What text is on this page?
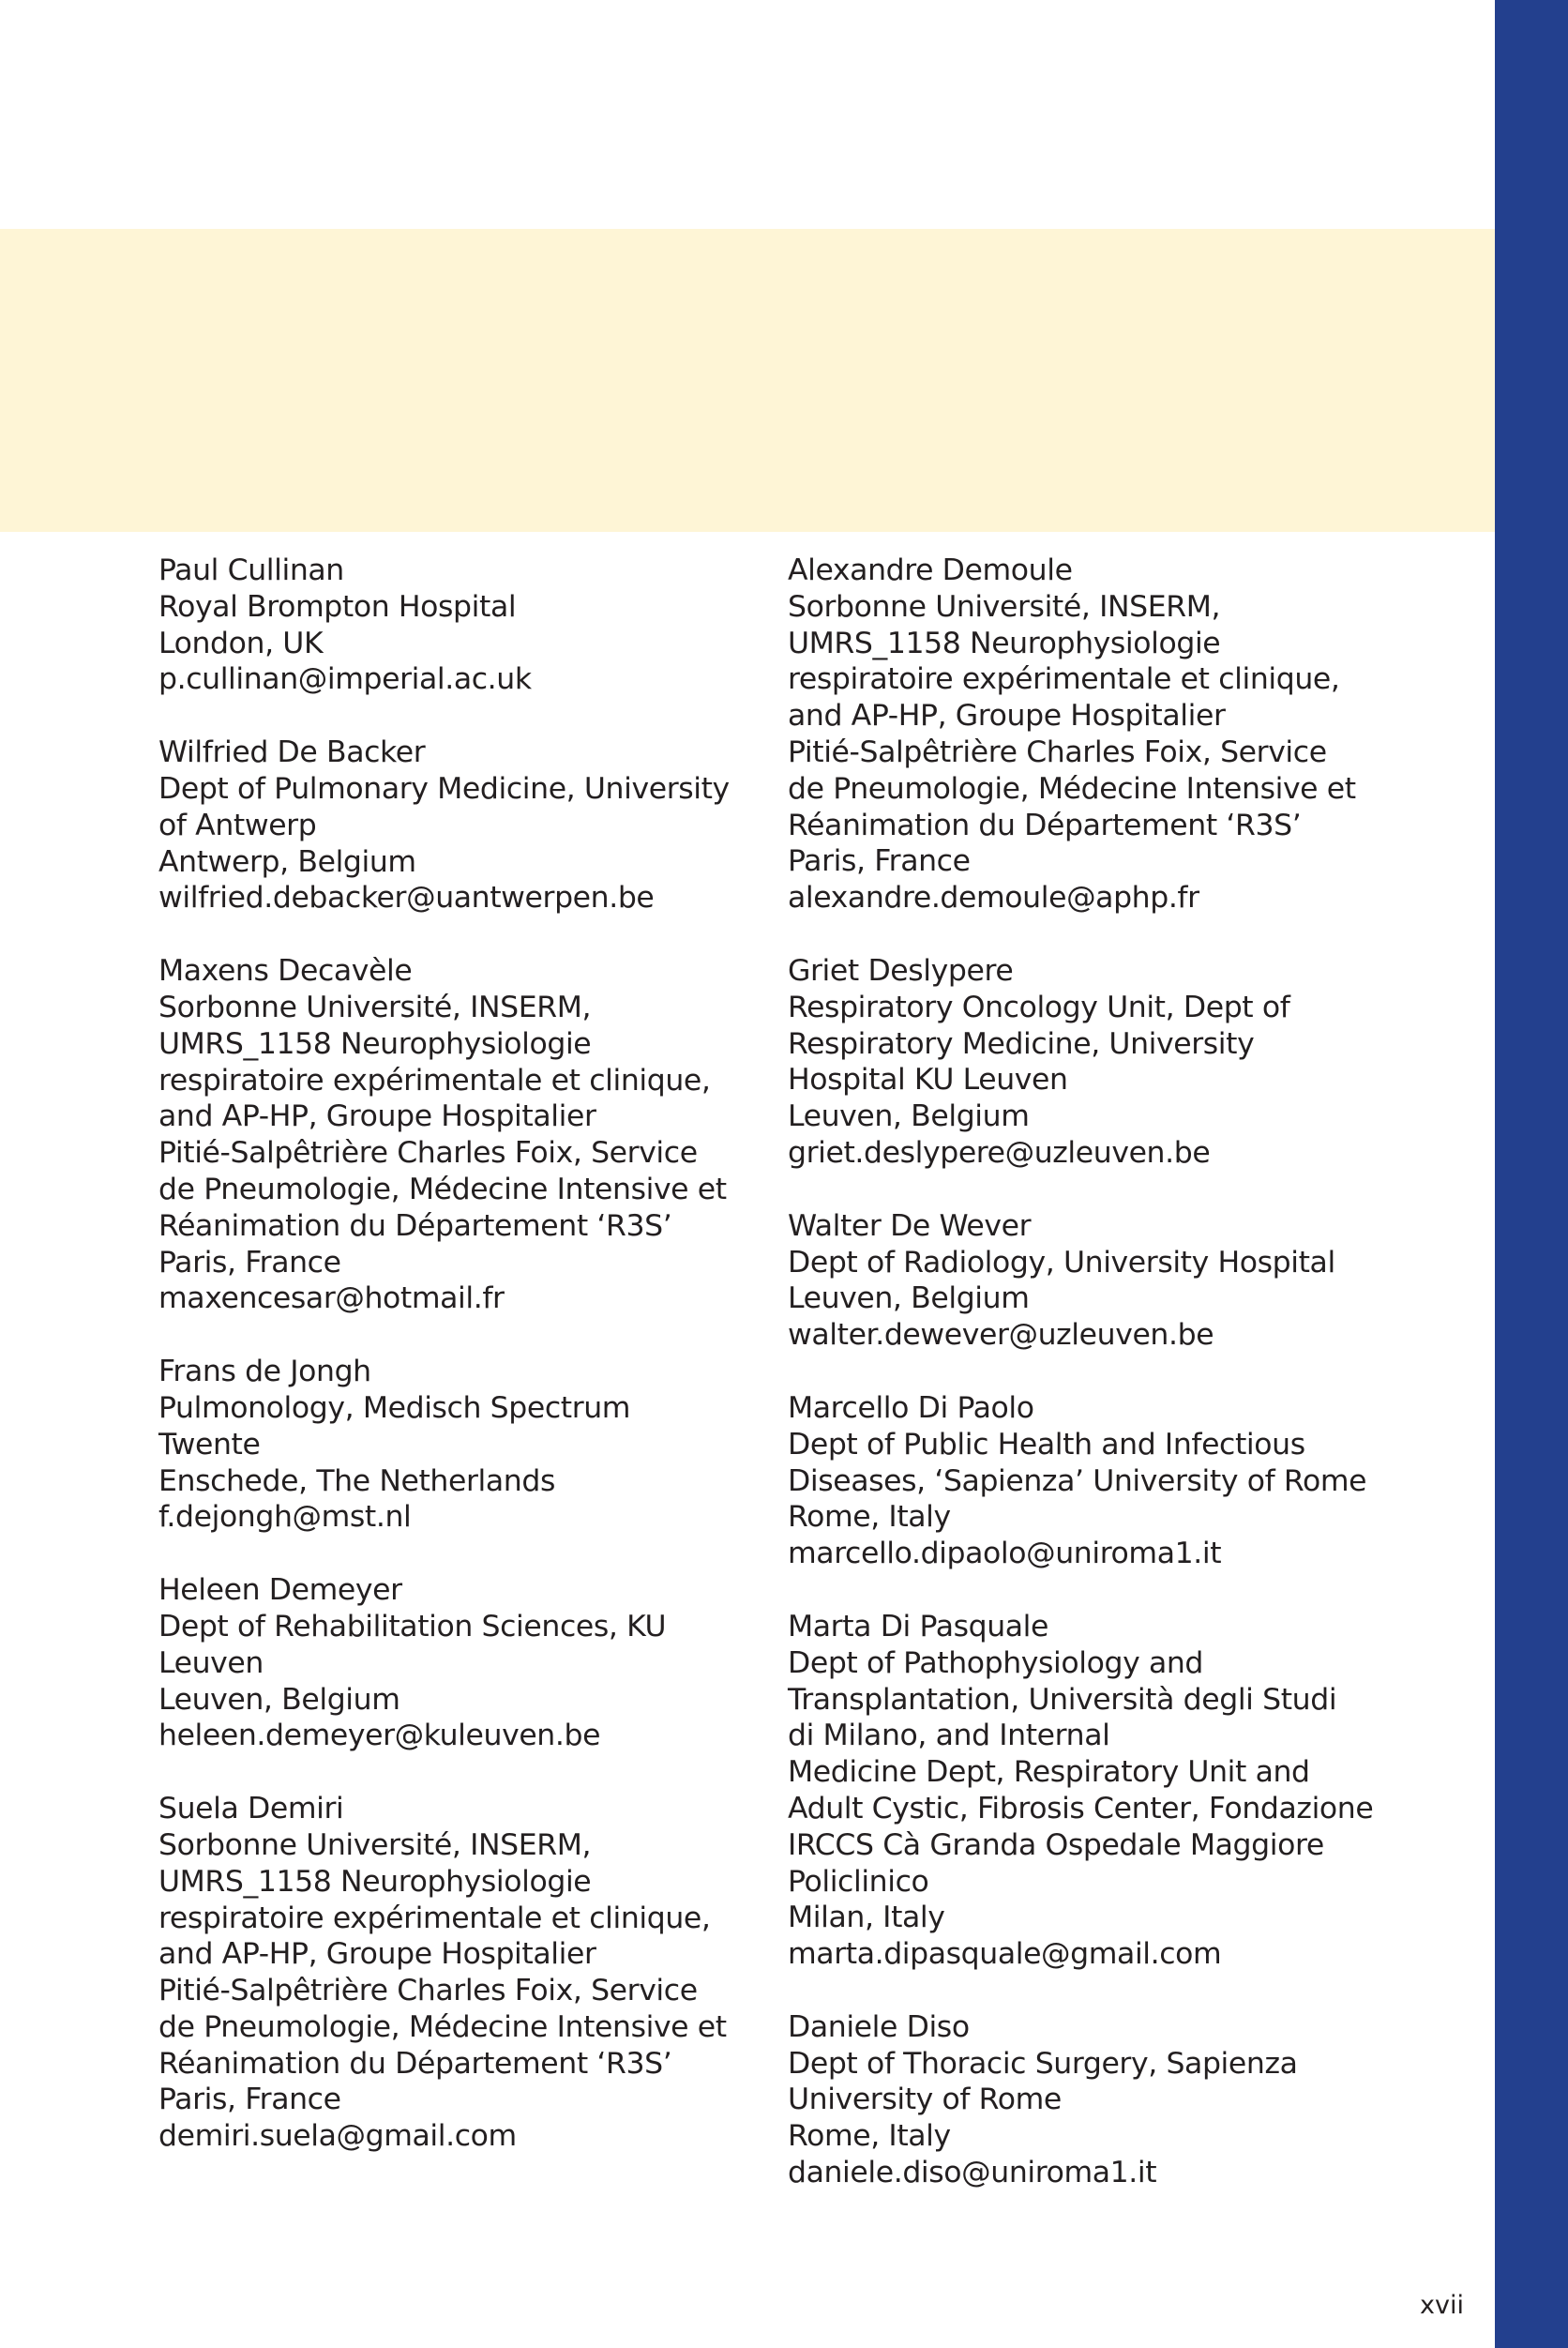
Paul Cullinan
Royal Brompton Hospital
London, UK
p.cullinan@imperial.ac.uk
Wilfried De Backer
Dept of Pulmonary Medicine, University
of Antwerp
Antwerp, Belgium
wilfried.debacker@uantwerpen.be
Maxens Decavèle
Sorbonne Université, INSERM,
UMRS_1158 Neurophysiologie
respiratoire expérimentale et clinique,
and AP-HP, Groupe Hospitalier
Pitié-Salpêtrière Charles Foix, Service
de Pneumologie, Médecine Intensive et
Réanimation du Département ‘R3S’
Paris, France
maxencesar@hotmail.fr
Frans de Jongh
Pulmonology, Medisch Spectrum
Twente
Enschede, The Netherlands
f.dejongh@mst.nl
Heleen Demeyer
Dept of Rehabilitation Sciences, KU
Leuven
Leuven, Belgium
heleen.demeyer@kuleuven.be
Suela Demiri
Sorbonne Université, INSERM,
UMRS_1158 Neurophysiologie
respiratoire expérimentale et clinique,
and AP-HP, Groupe Hospitalier
Pitié-Salpêtrière Charles Foix, Service
de Pneumologie, Médecine Intensive et
Réanimation du Département ‘R3S’
Paris, France
demiri.suela@gmail.com
Alexandre Demoule
Sorbonne Université, INSERM,
UMRS_1158 Neurophysiologie
respiratoire expérimentale et clinique,
and AP-HP, Groupe Hospitalier
Pitié-Salpêtrière Charles Foix, Service
de Pneumologie, Médecine Intensive et
Réanimation du Département ‘R3S’
Paris, France
alexandre.demoule@aphp.fr
Griet Deslypere
Respiratory Oncology Unit, Dept of
Respiratory Medicine, University
Hospital KU Leuven
Leuven, Belgium
griet.deslypere@uzleuven.be
Walter De Wever
Dept of Radiology, University Hospital
Leuven, Belgium
walter.dewever@uzleuven.be
Marcello Di Paolo
Dept of Public Health and Infectious
Diseases, ‘Sapienza’ University of Rome
Rome, Italy
marcello.dipaolo@uniroma1.it
Marta Di Pasquale
Dept of Pathophysiology and
Transplantation, Università degli Studi
di Milano, and Internal
Medicine Dept, Respiratory Unit and
Adult Cystic, Fibrosis Center, Fondazione
IRCCS Cà Granda Ospedale Maggiore
Policlinico
Milan, Italy
marta.dipasquale@gmail.com
Daniele Diso
Dept of Thoracic Surgery, Sapienza
University of Rome
Rome, Italy
daniele.diso@uniroma1.it
xvii
